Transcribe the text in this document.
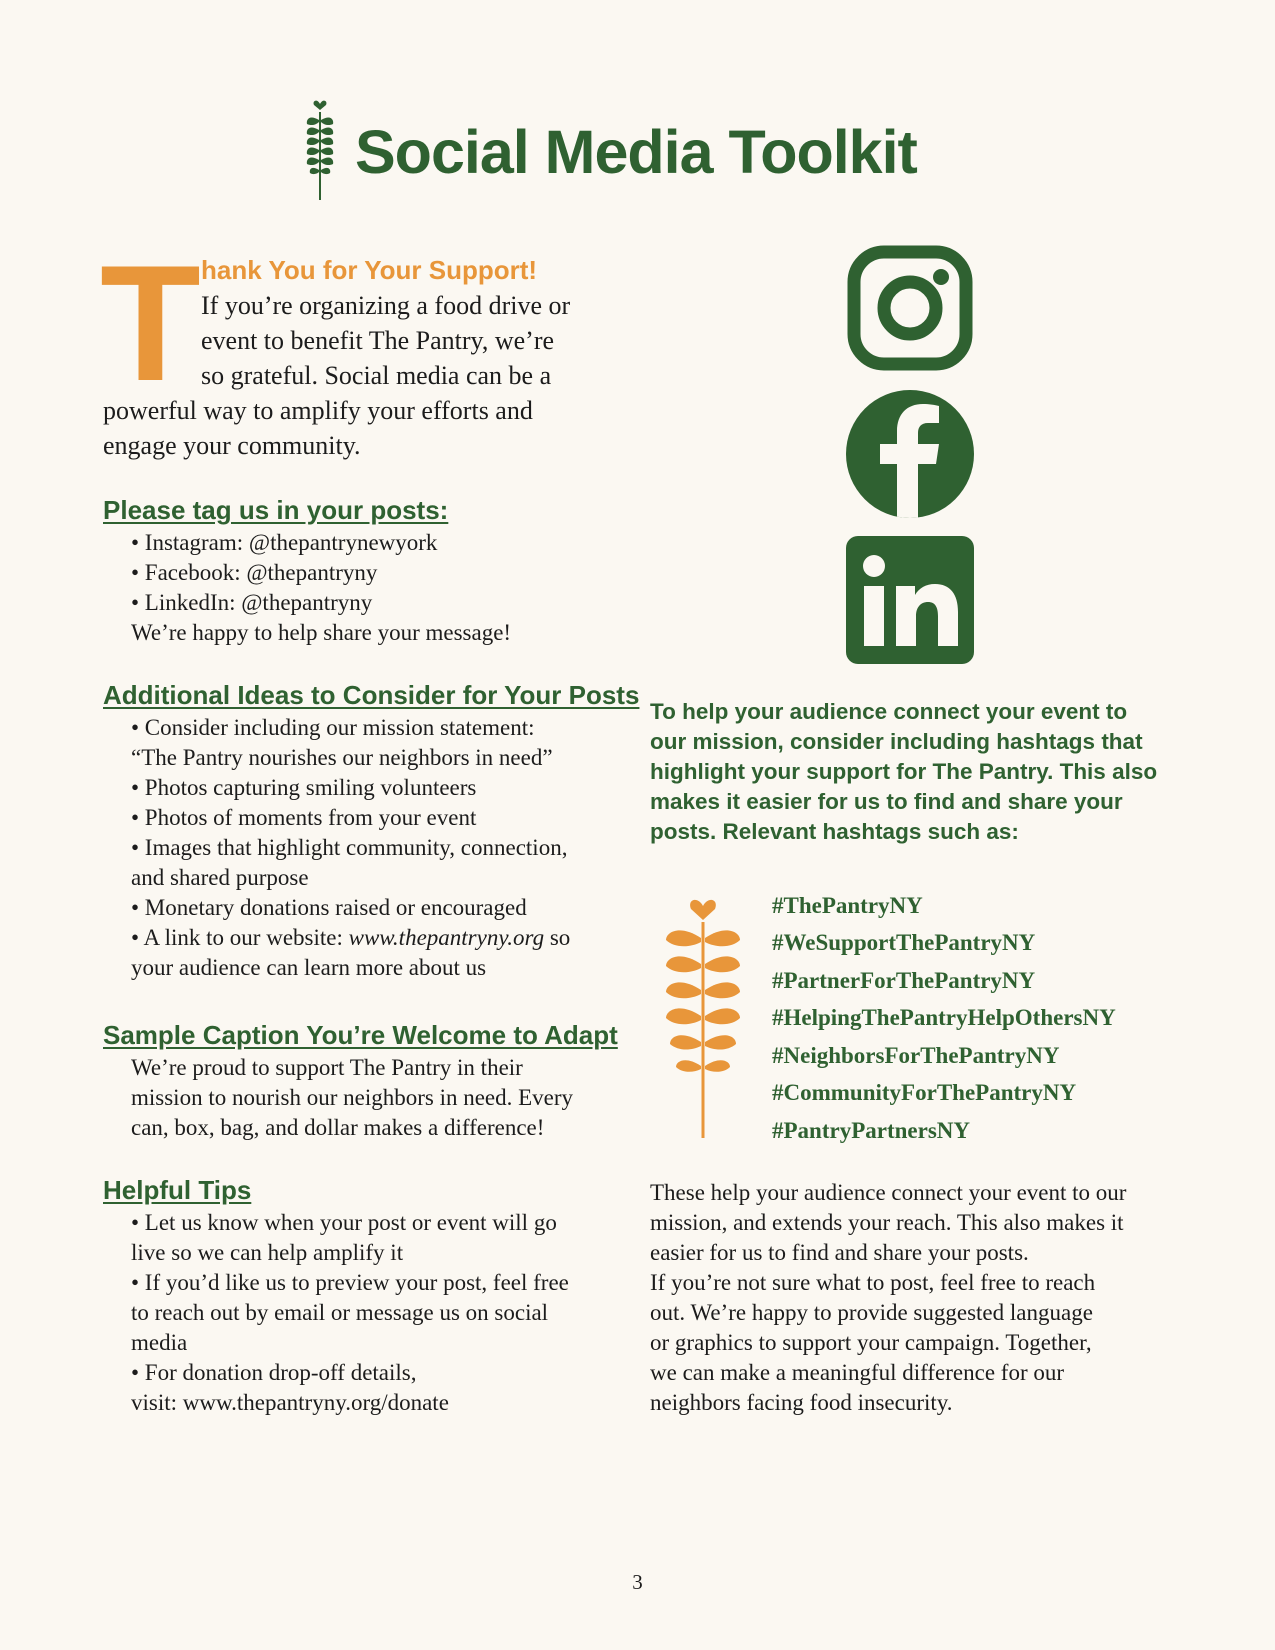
Social Media Toolkit
T hank You for Your Support!
If you’re organizing a food drive or
event to benefit The Pantry, we’re
so grateful. Social media can be a
powerful way to amplify your efforts and
engage your community.
Please tag us in your posts:
• Instagram: @thepantrynewyork
• Facebook: @thepantryny
• LinkedIn: @thepantryny
We’re happy to help share your message!
Additional Ideas to Consider for Your Posts
• Consider including our mission statement:
“The Pantry nourishes our neighbors in need”
• Photos capturing smiling volunteers
• Photos of moments from your event
• Images that highlight community, connection,
and shared purpose
• Monetary donations raised or encouraged
• A link to our website: www.thepantryny.org so
your audience can learn more about us
Sample Caption You’re Welcome to Adapt
We’re proud to support The Pantry in their
mission to nourish our neighbors in need. Every
can, box, bag, and dollar makes a difference!
Helpful Tips
• Let us know when your post or event will go
live so we can help amplify it
• If you’d like us to preview your post, feel free
to reach out by email or message us on social
media
• For donation drop-off details,
visit: www.thepantryny.org/donate
To help your audience connect your event to
our mission, consider including hashtags that
highlight your support for The Pantry. This also
makes it easier for us to find and share your
posts. Relevant hashtags such as:
#ThePantryNY
#WeSupportThePantryNY
#PartnerForThePantryNY
#HelpingThePantryHelpOthersNY
#NeighborsForThePantryNY
#CommunityForThePantryNY
#PantryPartnersNY
These help your audience connect your event to our
mission, and extends your reach. This also makes it
easier for us to find and share your posts.
If you’re not sure what to post, feel free to reach
out. We’re happy to provide suggested language
or graphics to support your campaign. Together,
we can make a meaningful difference for our
neighbors facing food insecurity.
3
